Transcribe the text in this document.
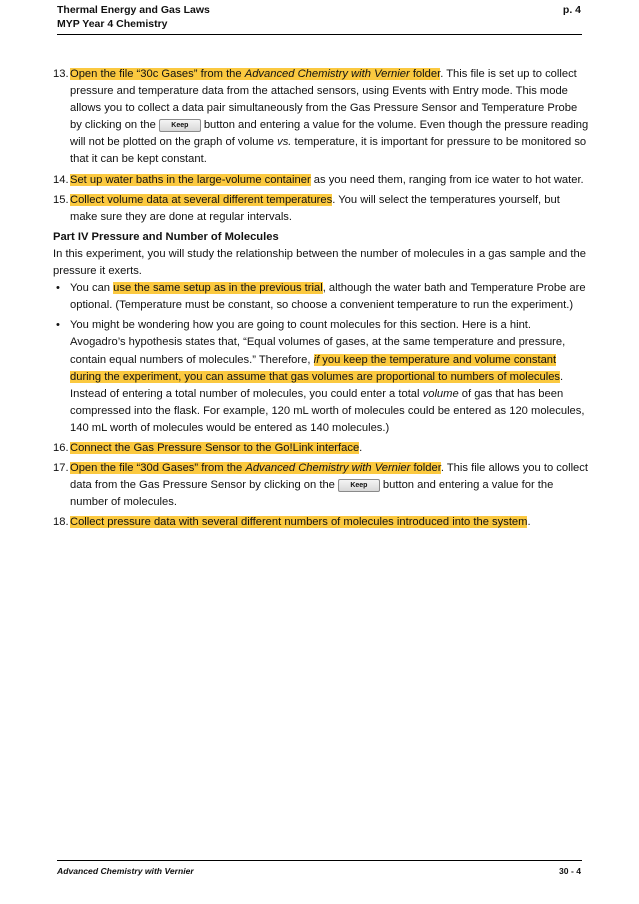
Thermal Energy and Gas Laws
MYP Year 4 Chemistry
p. 4
13. Open the file “30c Gases” from the Advanced Chemistry with Vernier folder. This file is set up to collect pressure and temperature data from the attached sensors, using Events with Entry mode. This mode allows you to collect a data pair simultaneously from the Gas Pressure Sensor and Temperature Probe by clicking on the Keep button and entering a value for the volume. Even though the pressure reading will not be plotted on the graph of volume vs. temperature, it is important for pressure to be monitored so that it can be kept constant.

14. Set up water baths in the large-volume container as you need them, ranging from ice water to hot water.

15. Collect volume data at several different temperatures. You will select the temperatures yourself, but make sure they are done at regular intervals.

Part IV Pressure and Number of Molecules

In this experiment, you will study the relationship between the number of molecules in a gas sample and the pressure it exerts.

• You can use the same setup as in the previous trial, although the water bath and Temperature Probe are optional. (Temperature must be constant, so choose a convenient temperature to run the experiment.)

• You might be wondering how you are going to count molecules for this section. Here is a hint. Avogadro’s hypothesis states that, “Equal volumes of gases, at the same temperature and pressure, contain equal numbers of molecules.” Therefore, if you keep the temperature and volume constant during the experiment, you can assume that gas volumes are proportional to numbers of molecules. Instead of entering a total number of molecules, you could enter a total volume of gas that has been compressed into the flask. For example, 120 mL worth of molecules could be entered as 120 molecules, 140 mL worth of molecules would be entered as 140 molecules.)

16. Connect the Gas Pressure Sensor to the Go!Link interface.

17. Open the file “30d Gases” from the Advanced Chemistry with Vernier folder. This file allows you to collect data from the Gas Pressure Sensor by clicking on the Keep button and entering a value for the number of molecules.

18. Collect pressure data with several different numbers of molecules introduced into the system.

Advanced Chemistry with Vernier	30 - 4
